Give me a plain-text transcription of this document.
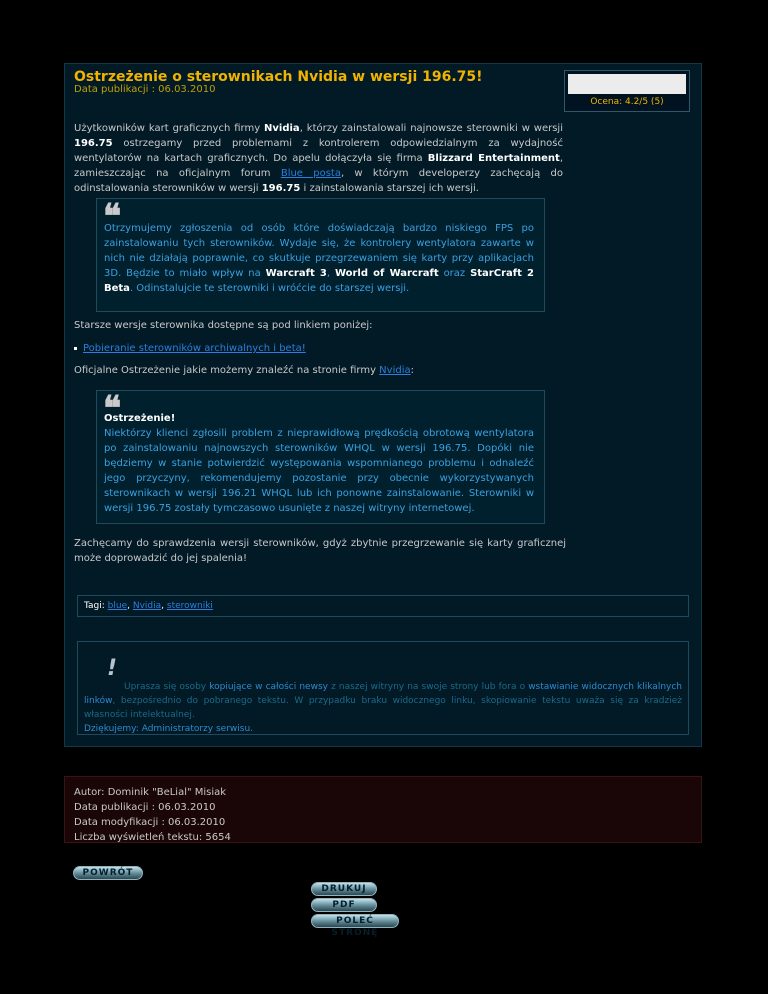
Ostrzeżenie o sterownikach Nvidia w wersji 196.75!
Data publikacji : 06.03.2010
Ocena: 4.2/5 (5)

Użytkowników kart graficznych firmy Nvidia, którzy zainstalowali najnowsze sterowniki w wersji 196.75 ostrzegamy przed problemami z kontrolerem odpowiedzialnym za wydajność wentylatorów na kartach graficznych. Do apelu dołączyła się firma Blizzard Entertainment, zamieszczając na oficjalnym forum Blue posta, w którym developerzy zachęcają do odinstalowania sterowników w wersji 196.75 i zainstalowania starszej ich wersji.

❝

Otrzymujemy zgłoszenia od osób które doświadczają bardzo niskiego FPS po zainstalowaniu tych sterowników. Wydaje się, że kontrolery wentylatora zawarte w nich nie działają poprawnie, co skutkuje przegrzewaniem się karty przy aplikacjach 3D. Będzie to miało wpływ na Warcraft 3, World of Warcraft oraz StarCraft 2 Beta. Odinstalujcie te sterowniki i wróćcie do starszej wersji.

Starsze wersje sterownika dostępne są pod linkiem poniżej:

Pobieranie sterowników archiwalnych i beta!

Oficjalne Ostrzeżenie jakie możemy znaleźć na stronie firmy Nvidia:

❝

Ostrzeżenie!
Niektórzy klienci zgłosili problem z nieprawidłową prędkością obrotową wentylatora po zainstalowaniu najnowszych sterowników WHQL w wersji 196.75. Dopóki nie będziemy w stanie potwierdzić występowania wspomnianego problemu i odnaleźć jego przyczyny, rekomendujemy pozostanie przy obecnie wykorzystywanych sterownikach w wersji 196.21 WHQL lub ich ponowne zainstalowanie. Sterowniki w wersji 196.75 zostały tymczasowo usunięte z naszej witryny internetowej.

Zachęcamy do sprawdzenia wersji sterowników, gdyż zbytnie przegrzewanie się karty graficznej może doprowadzić do jej spalenia!

Tagi: blue, Nvidia, sterowniki
!
Uprasza się osoby kopiujące w całości newsy z naszej witryny na swoje strony lub fora o wstawianie widocznych klikalnych linków, bezpośrednio do pobranego tekstu. W przypadku braku widocznego linku, skopiowanie tekstu uważa się za kradzież własności intelektualnej.
Dziękujemy: Administratorzy serwisu.
Autor: Dominik "BeLial" Misiak
Data publikacji : 06.03.2010
Data modyfikacji : 06.03.2010
Liczba wyświetleń tekstu: 5654
POWRÓT
DRUKUJ
PDF
POLEĆ STRONĘ
